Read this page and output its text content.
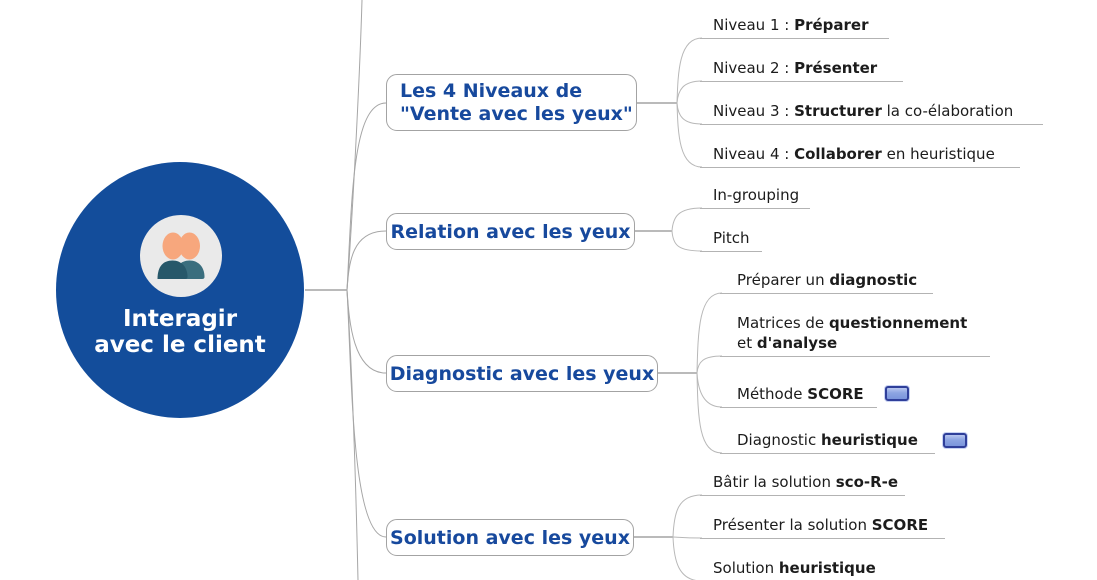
Interagir
avec le client
Les 4 Niveaux de
"Vente avec les yeux"
Relation avec les yeux
Diagnostic avec les yeux
Solution avec les yeux
Niveau 1 : Préparer
Niveau 2 : Présenter
Niveau 3 : Structurer la co-élaboration
Niveau 4 : Collaborer en heuristique
In-grouping
Pitch
Préparer un diagnostic
Matrices de questionnement
et d'analyse
Méthode SCORE
Diagnostic heuristique
Bâtir la solution sco-R-e
Présenter la solution SCORE
Solution heuristique
